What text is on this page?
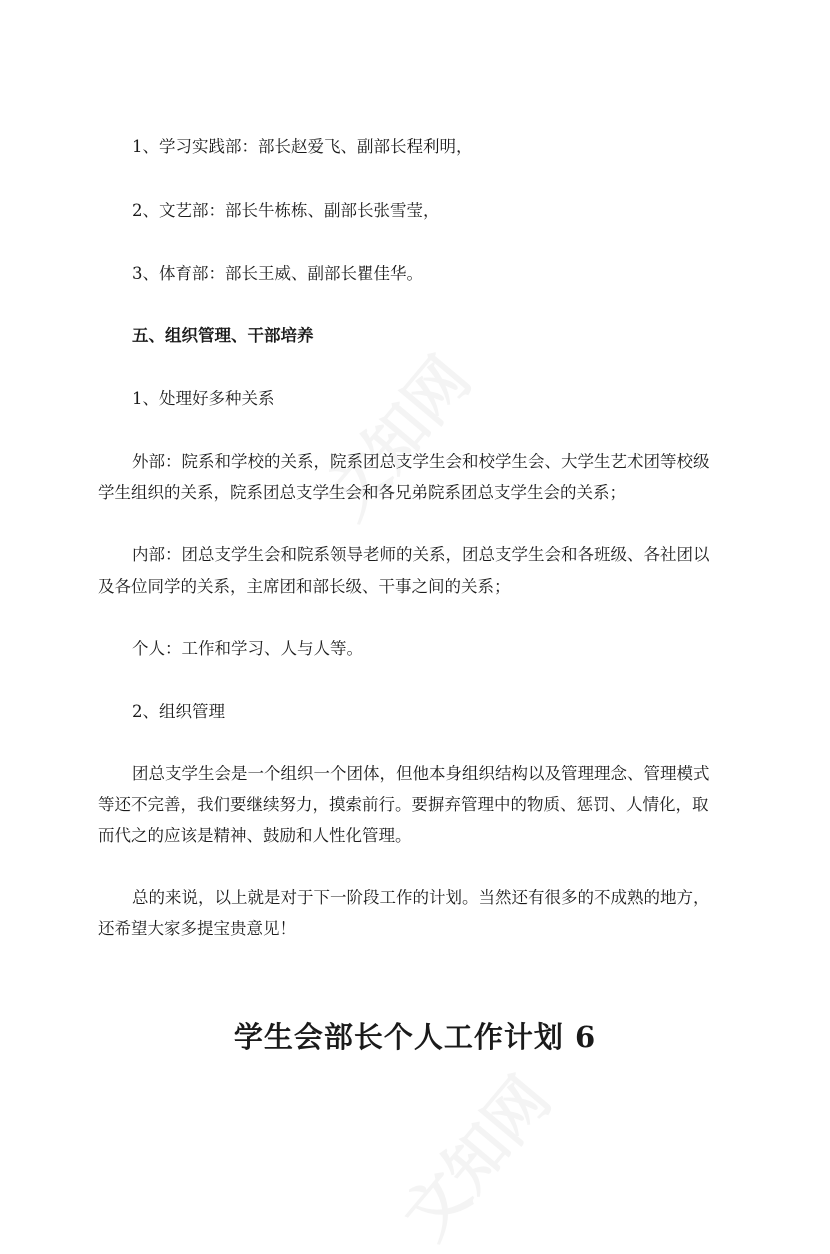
1、学习实践部：部长赵爱飞、副部长程利明，
2、文艺部：部长牛栋栋、副部长张雪莹，
3、体育部：部长王威、副部长瞿佳华。
五、组织管理、干部培养
1、处理好多种关系
外部：院系和学校的关系，院系团总支学生会和校学生会、大学生艺术团等校级
学生组织的关系，院系团总支学生会和各兄弟院系团总支学生会的关系；
内部：团总支学生会和院系领导老师的关系，团总支学生会和各班级、各社团以
及各位同学的关系，主席团和部长级、干事之间的关系；
个人：工作和学习、人与人等。
2、组织管理
团总支学生会是一个组织一个团体，但他本身组织结构以及管理理念、管理模式
等还不完善，我们要继续努力，摸索前行。要摒弃管理中的物质、惩罚、人情化，取
而代之的应该是精神、鼓励和人性化管理。
总的来说，以上就是对于下一阶段工作的计划。当然还有很多的不成熟的地方，
还希望大家多提宝贵意见！
学生会部长个人工作计划 6
